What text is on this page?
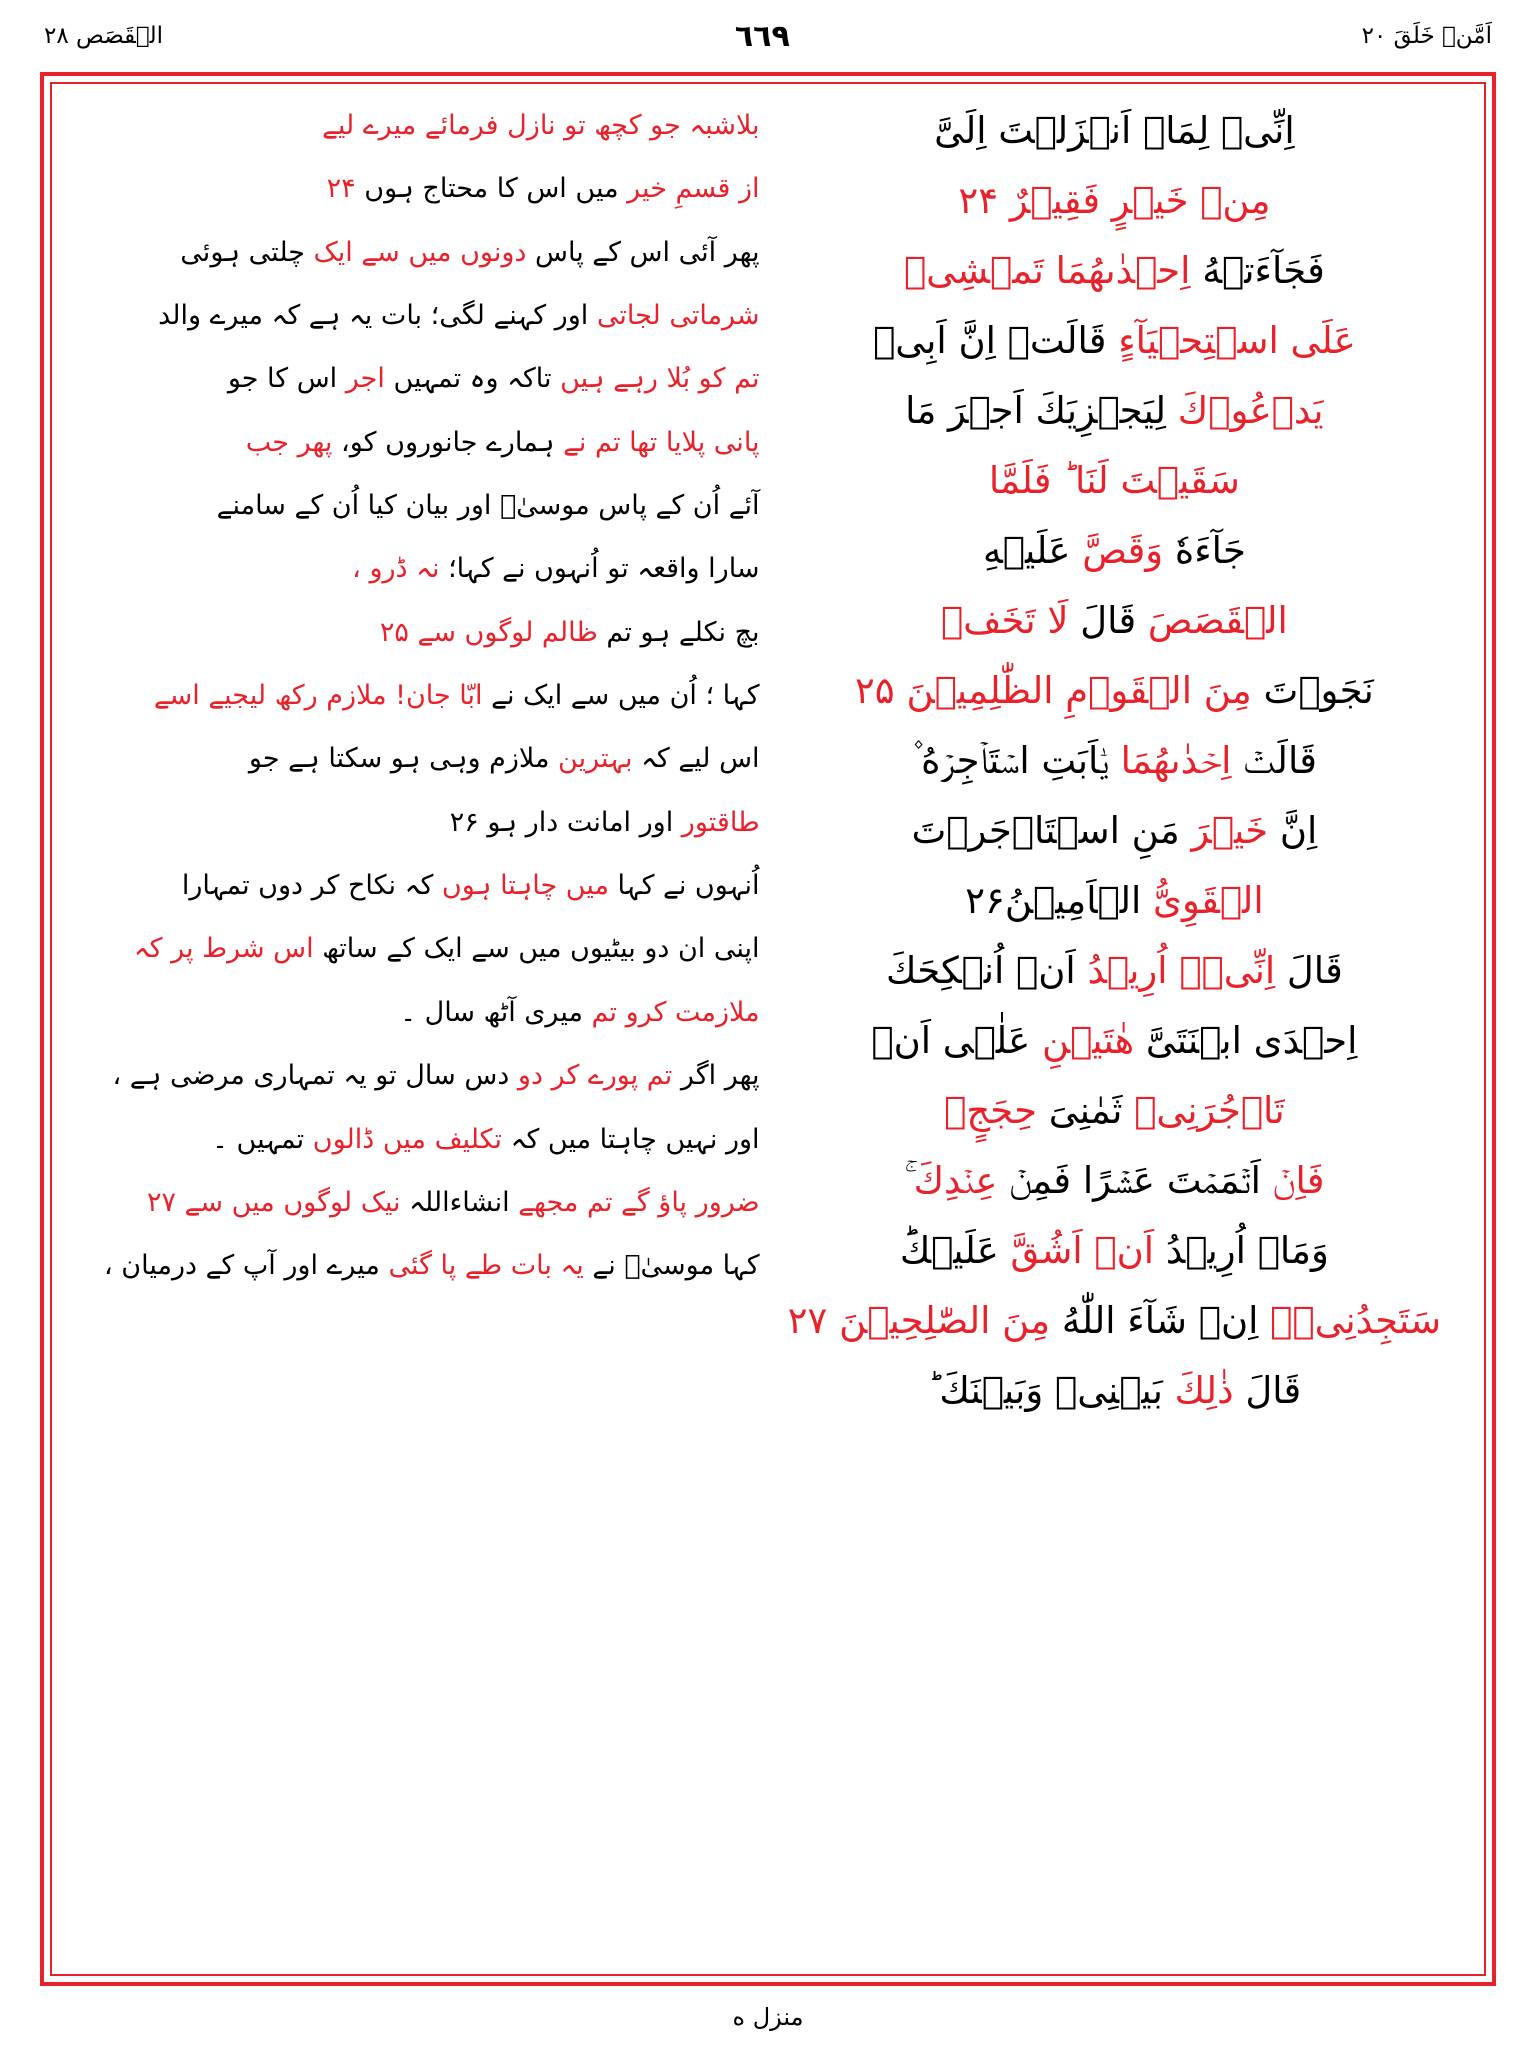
الۡقَصَص ۲۸	٦٦٩	اَمَّنۡ خَلَقَ ۲۰
بلاشبہ جو کچھ تو نازل فرمائے میرے لیے
از قسمِ خیر میں اس کا محتاج ہوں ۲۴
پھر آئی اس کے پاس دونوں میں سے ایک چلتی ہوئی
شرماتی لجاتی اور کہنے لگی؛ بات یہ ہے کہ میرے والد
تم کو بُلا رہے ہیں تاکہ وہ تمہیں اجر اس کا جو
پانی پلایا تھا تم نے ہمارے جانوروں کو، پھر جب
آئے اُن کے پاس موسیٰؑ اور بیان کیا اُن کے سامنے
سارا واقعہ تو اُنہوں نے کہا؛ نہ ڈرو ،
بچ نکلے ہو تم ظالم لوگوں سے ۲۵
کہا ؛ اُن میں سے ایک نے ابّا جان! ملازم رکھ لیجیے اسے
اس لیے کہ بہترین ملازم وہی ہو سکتا ہے جو
طاقتور اور امانت دار ہو ۲۶
اُنہوں نے کہا میں چاہتا ہوں کہ نکاح کر دوں تمہارا
اپنی ان دو بیٹیوں میں سے ایک کے ساتھ اس شرط پر کہ
ملازمت کرو تم میری آٹھ سال ۔
پھر اگر تم پورے کر دو دس سال تو یہ تمہاری مرضی ہے ،
اور نہیں چاہتا میں کہ تکلیف میں ڈالوں تمہیں ۔
ضرور پاؤ گے تم مجھے انشاءاللہ نیک لوگوں میں سے ۲۷
کہا موسیٰؑ نے یہ بات طے پا گئی میرے اور آپ کے درمیان ،
اِنِّیۡ لِمَاۤ اَنۡزَلۡتَ اِلَیَّ
مِنۡ خَیۡرٍ فَقِیۡرٌ ۲۴
فَجَآءَتۡهُ اِحۡدٰىهُمَا تَمۡشِیۡ
عَلَی اسۡتِحۡیَآءٍ قَالَتۡ اِنَّ اَبِیۡ
یَدۡعُوۡكَ لِیَجۡزِیَكَ اَجۡرَ مَا
سَقَیۡتَ لَنَا ؕ فَلَمَّا
جَآءَهٗ وَقَصَّ عَلَیۡهِ
الۡقَصَصَ قَالَ لَا تَخَفۡ
نَجَوۡتَ مِنَ الۡقَوۡمِ الظّٰلِمِیۡنَ ۲۵
قَالَتۡ اِحۡدٰىهُمَا یٰۤاَبَتِ اسۡتَاۡجِرۡهُ ۫
اِنَّ خَیۡرَ مَنِ اسۡتَاۡجَرۡتَ
الۡقَوِیُّ الۡاَمِیۡنُ۲۶
قَالَ اِنِّیۡۤ اُرِیۡدُ اَنۡ اُنۡكِحَكَ
اِحۡدَی ابۡنَتَیَّ هٰتَیۡنِ عَلٰۤی اَنۡ
تَاۡجُرَنِیۡ ثَمٰنِیَ حِجَجٍ
فَاِنۡ اَتۡمَمۡتَ عَشۡرًا فَمِنۡ عِنۡدِكَ ۚ
وَمَاۤ اُرِیۡدُ اَنۡ اَشُقَّ عَلَیۡكَ
سَتَجِدُنِیۡۤ اِنۡ شَآءَ اللّٰهُ مِنَ الصّٰلِحِیۡنَ ۲۷
قَالَ ذٰلِكَ بَیۡنِیۡ وَبَیۡنَكَ ؕ
منزل ه
